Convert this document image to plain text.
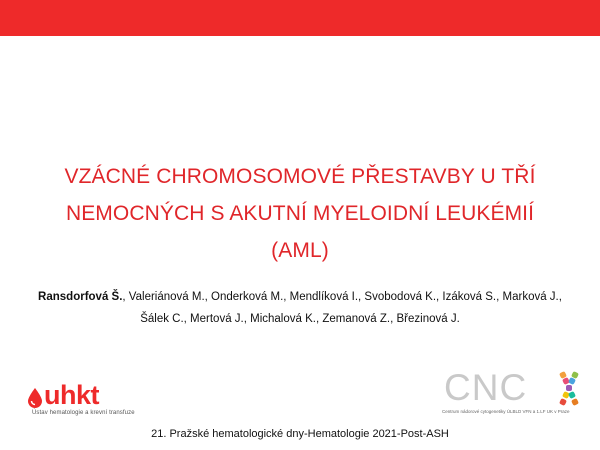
VZÁCNÉ CHROMOSOMOVÉ PŘESTAVBY U TŘÍ
NEMOCNÝCH S AKUTNÍ MYELOIDNÍ LEUKÉMIÍ
(AML)
Ransdorfová Š., Valeriánová M., Onderková M., Mendlíková I., Svobodová K., Izáková S., Marková J.,
Šálek C., Mertová J., Michalová K., Zemanová Z., Březinová J.
uhkt
Ústav hematologie a krevní transfuze
CNC
Centrum nádorové cytogenetiky ÚLBLD VFN a 1.LF UK v Praze
21. Pražské hematologické dny-Hematologie 2021-Post-ASH
